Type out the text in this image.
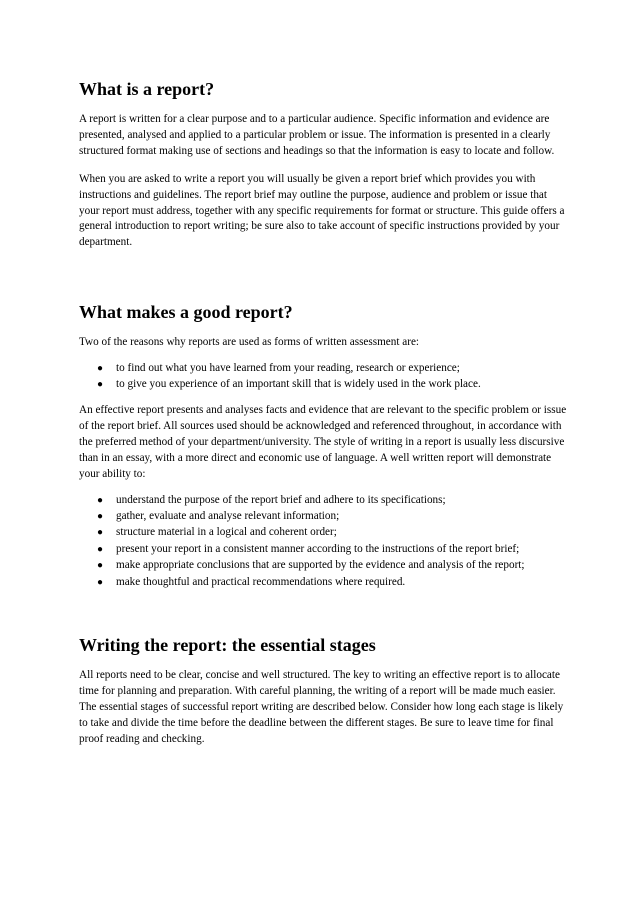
What is a report?

A report is written for a clear purpose and to a particular audience. Specific information and evidence are presented, analysed and applied to a particular problem or issue. The information is presented in a clearly structured format making use of sections and headings so that the information is easy to locate and follow.

When you are asked to write a report you will usually be given a report brief which provides you with instructions and guidelines. The report brief may outline the purpose, audience and problem or issue that your report must address, together with any specific requirements for format or structure. This guide offers a general introduction to report writing; be sure also to take account of specific instructions provided by your department.

What makes a good report?

Two of the reasons why reports are used as forms of written assessment are:

● to find out what you have learned from your reading, research or experience;
● to give you experience of an important skill that is widely used in the work place.

An effective report presents and analyses facts and evidence that are relevant to the specific problem or issue of the report brief. All sources used should be acknowledged and referenced throughout, in accordance with the preferred method of your department/university. The style of writing in a report is usually less discursive than in an essay, with a more direct and economic use of language. A well written report will demonstrate your ability to:

● understand the purpose of the report brief and adhere to its specifications;
● gather, evaluate and analyse relevant information;
● structure material in a logical and coherent order;
● present your report in a consistent manner according to the instructions of the report brief;
● make appropriate conclusions that are supported by the evidence and analysis of the report;
● make thoughtful and practical recommendations where required.
Writing the report: the essential stages

All reports need to be clear, concise and well structured. The key to writing an effective report is to allocate time for planning and preparation. With careful planning, the writing of a report will be made much easier. The essential stages of successful report writing are described below. Consider how long each stage is likely to take and divide the time before the deadline between the different stages. Be sure to leave time for final proof reading and checking.
